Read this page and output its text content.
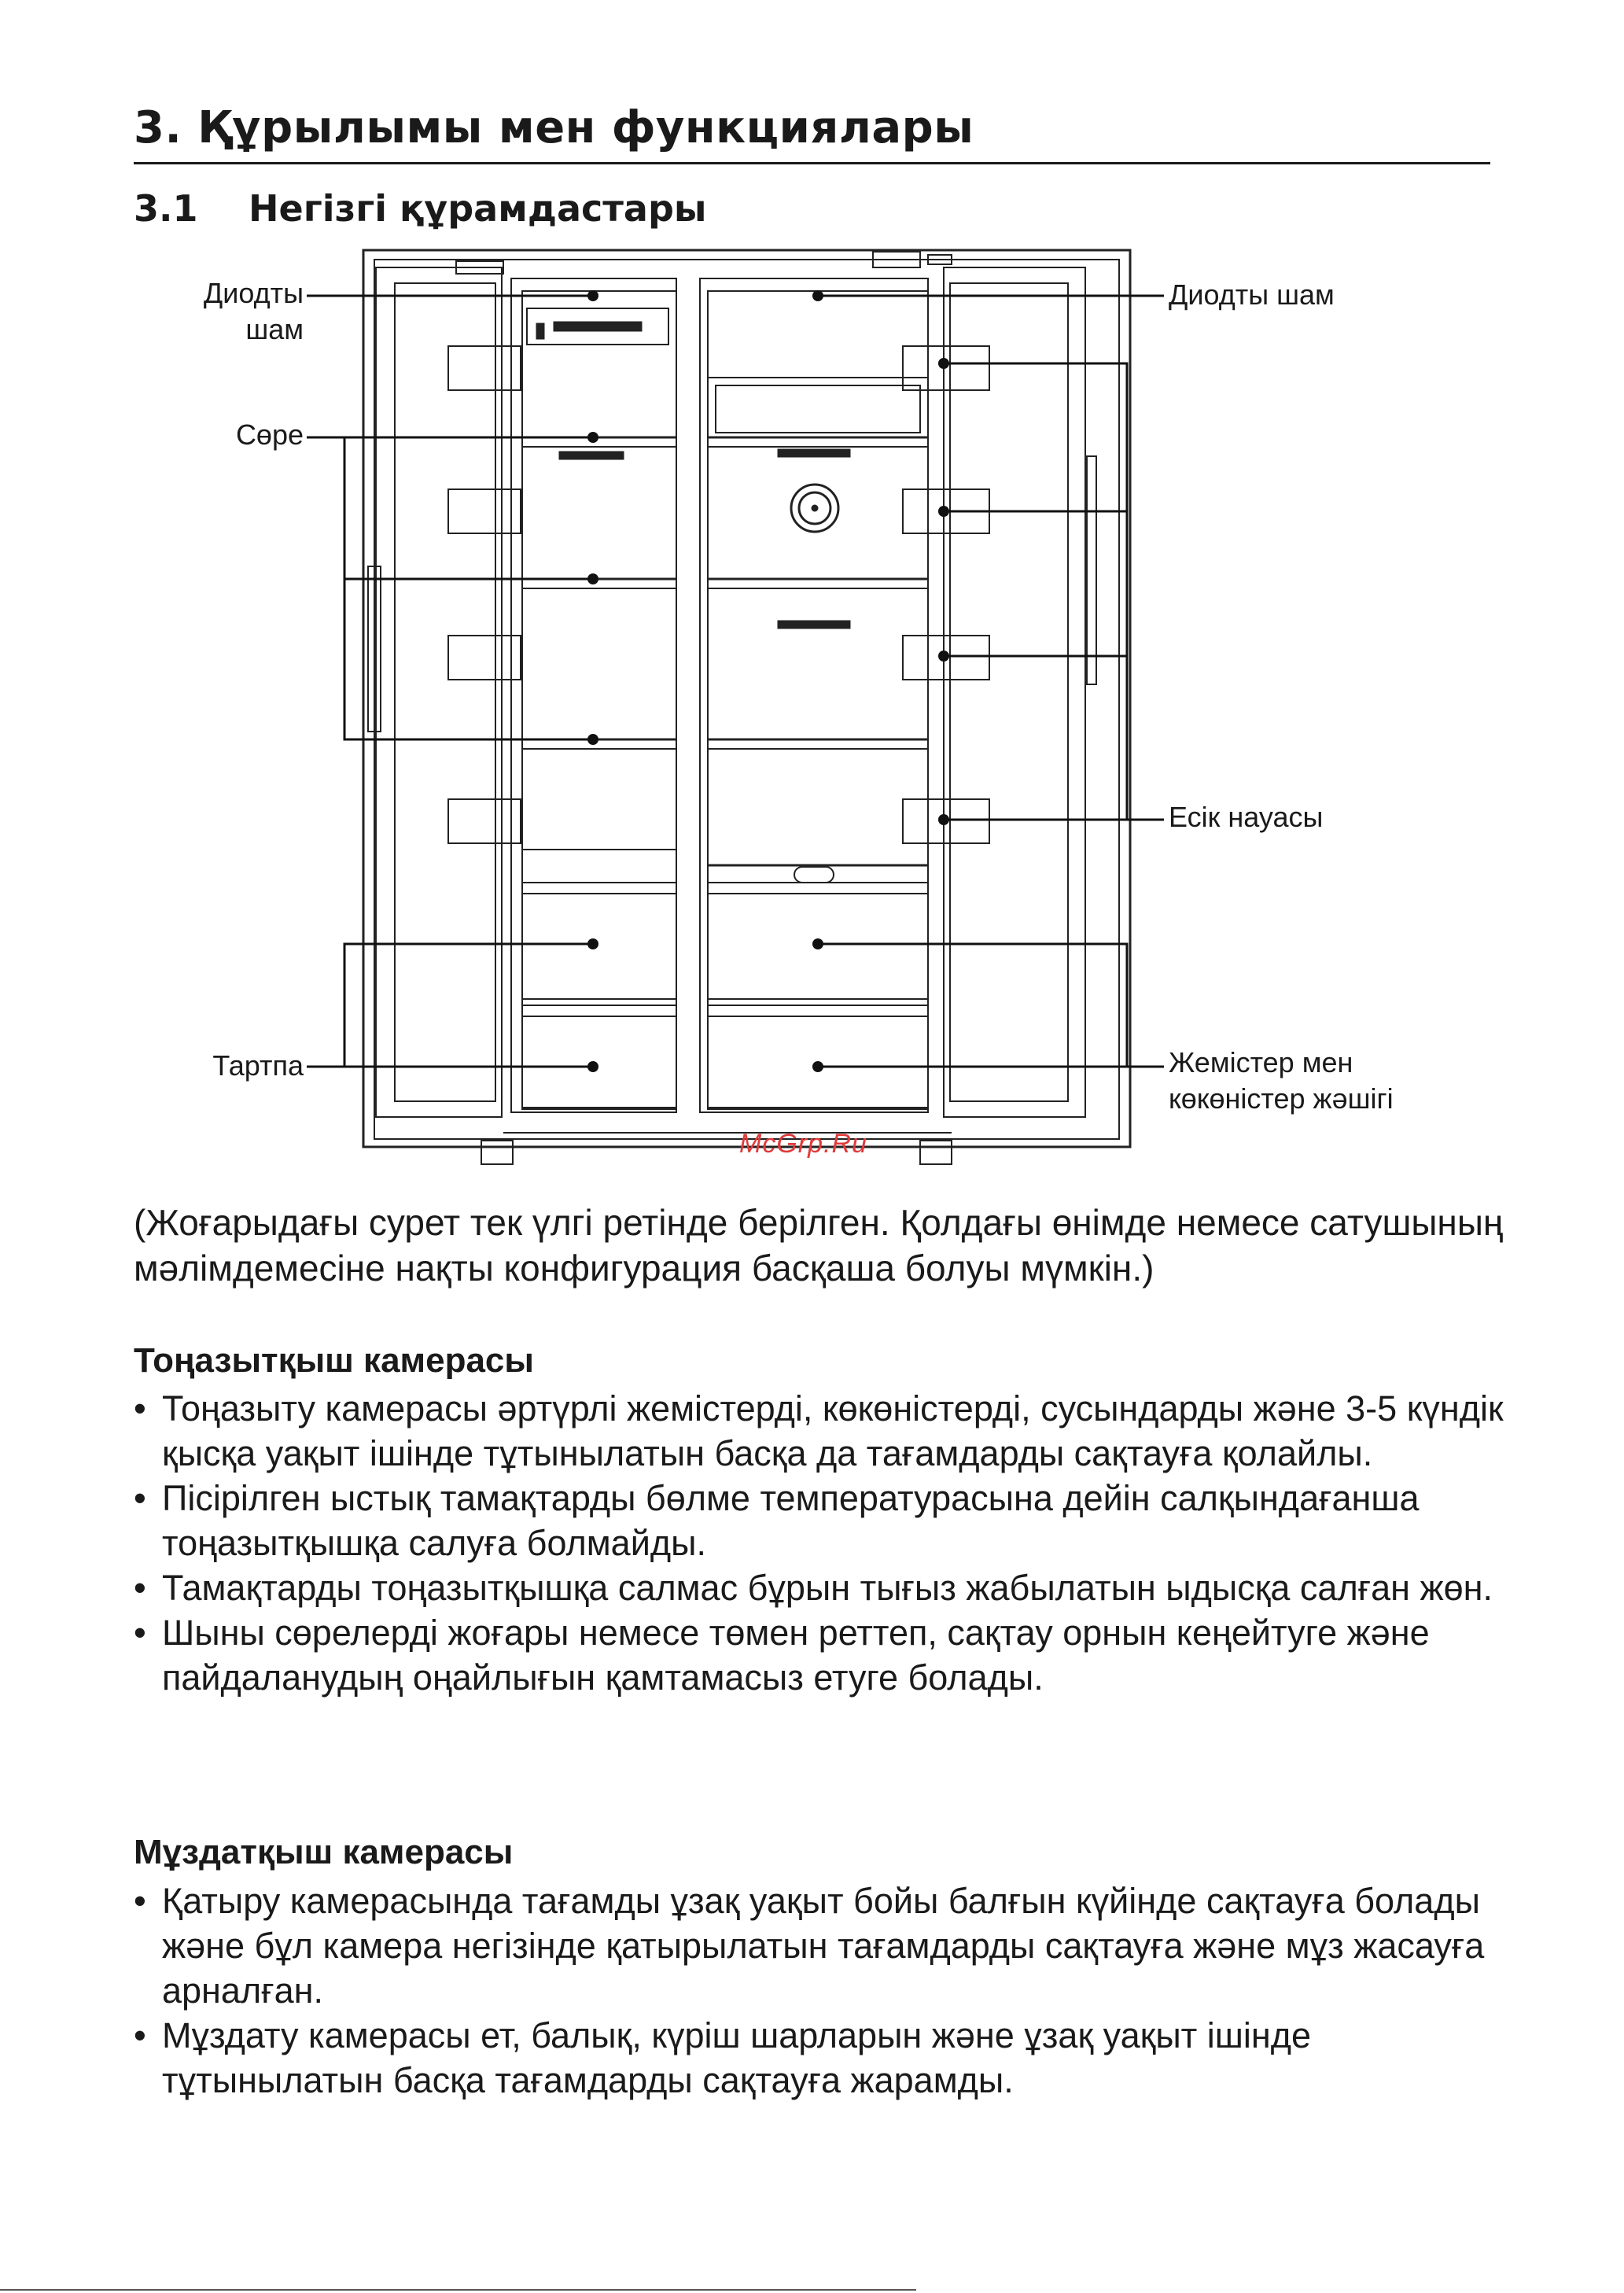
3. Құрылымы мен функциялары
3.1 Негізгі құрамдастары
Диодты
шам
Сөре
Тартпа
Диодты шам
Есік науасы
Жемістер мен
көкөністер жәшігі
McGrp.Ru
(Жоғарыдағы сурет тек үлгі ретінде берілген. Қолдағы өнімде немесе сатушының мәлімдемесіне нақты конфигурация басқаша болуы мүмкін.)
Тоңазытқыш камерасы
• Тоңазыту камерасы әртүрлі жемістерді, көкөністерді, сусындарды және 3-5 күндік қысқа уақыт ішінде тұтынылатын басқа да тағамдарды сақтауға қолайлы.
• Пісірілген ыстық тамақтарды бөлме температурасына дейін салқындағанша тоңазытқышқа салуға болмайды.
• Тамақтарды тоңазытқышқа салмас бұрын тығыз жабылатын ыдысқа салған жөн.
• Шыны сөрелерді жоғары немесе төмен реттеп, сақтау орнын кеңейтуге және пайдаланудың оңайлығын қамтамасыз етуге болады.
Мұздатқыш камерасы
• Қатыру камерасында тағамды ұзақ уақыт бойы балғын күйінде сақтауға болады және бұл камера негізінде қатырылатын тағамдарды сақтауға және мұз жасауға арналған.
• Мұздату камерасы ет, балық, күріш шарларын және ұзақ уақыт ішінде тұтынылатын басқа тағамдарды сақтауға жарамды.
